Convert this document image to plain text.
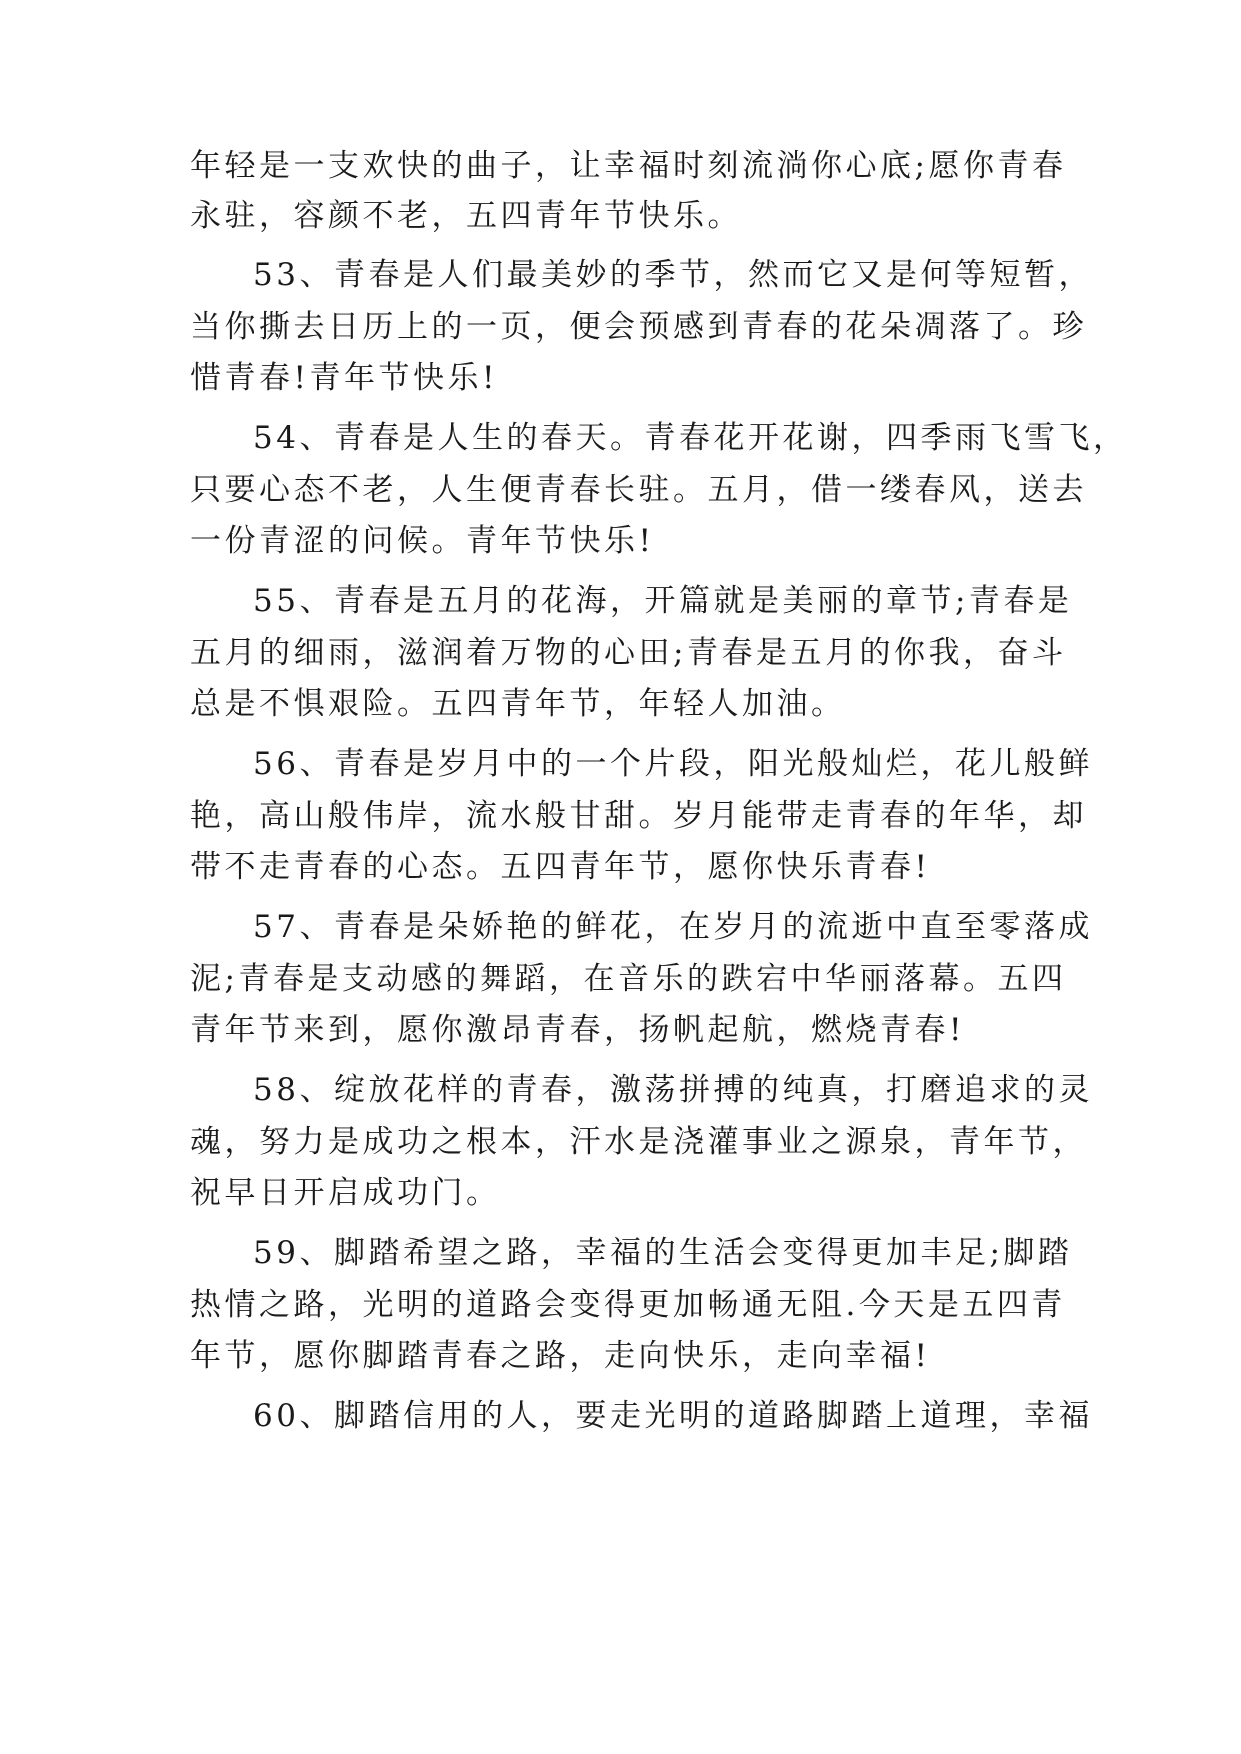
年轻是一支欢快的曲子，让幸福时刻流淌你心底;愿你青春

永驻，容颜不老，五四青年节快乐。

53、青春是人们最美妙的季节，然而它又是何等短暂，

当你撕去日历上的一页，便会预感到青春的花朵凋落了。珍

惜青春!青年节快乐!

54、青春是人生的春天。青春花开花谢，四季雨飞雪飞，

只要心态不老，人生便青春长驻。五月，借一缕春风，送去

一份青涩的问候。青年节快乐!

55、青春是五月的花海，开篇就是美丽的章节;青春是

五月的细雨，滋润着万物的心田;青春是五月的你我，奋斗

总是不惧艰险。五四青年节，年轻人加油。

56、青春是岁月中的一个片段，阳光般灿烂，花儿般鲜

艳，高山般伟岸，流水般甘甜。岁月能带走青春的年华，却

带不走青春的心态。五四青年节，愿你快乐青春!

57、青春是朵娇艳的鲜花，在岁月的流逝中直至零落成

泥;青春是支动感的舞蹈，在音乐的跌宕中华丽落幕。五四

青年节来到，愿你激昂青春，扬帆起航，燃烧青春!

58、绽放花样的青春，激荡拼搏的纯真，打磨追求的灵

魂，努力是成功之根本，汗水是浇灌事业之源泉，青年节，

祝早日开启成功门。

59、脚踏希望之路，幸福的生活会变得更加丰足;脚踏

热情之路，光明的道路会变得更加畅通无阻.今天是五四青

年节，愿你脚踏青春之路，走向快乐，走向幸福!

60、脚踏信用的人，要走光明的道路脚踏上道理，幸福
